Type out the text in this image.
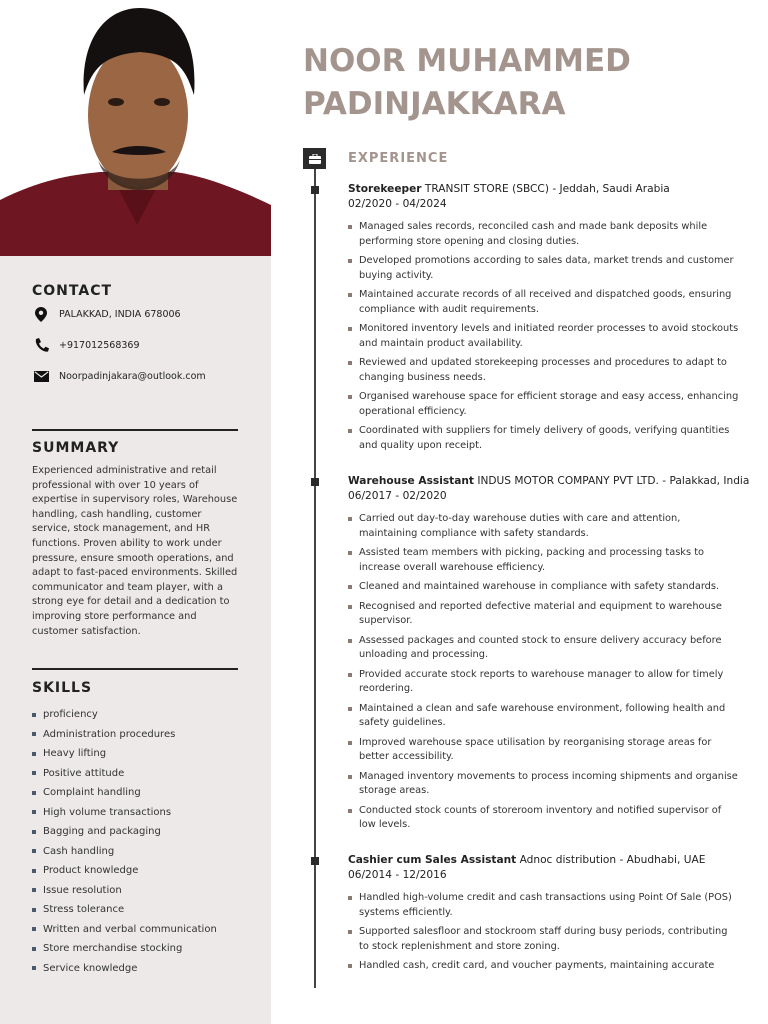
CONTACT
PALAKKAD, INDIA 678006
+917012568369
Noorpadinjakara@outlook.com
SUMMARY

Experienced administrative and retail professional with over 10 years of expertise in supervisory roles, Warehouse handling, cash handling, customer service, stock management, and HR functions. Proven ability to work under pressure, ensure smooth operations, and adapt to fast-paced environments. Skilled communicator and team player, with a strong eye for detail and a dedication to improving store performance and customer satisfaction.

SKILLS
proficiency
Administration procedures
Heavy lifting
Positive attitude
Complaint handling
High volume transactions
Bagging and packaging
Cash handling
Product knowledge
Issue resolution
Stress tolerance
Written and verbal communication
Store merchandise stocking
Service knowledge
NOOR MUHAMMED
PADINJAKKARA
EXPERIENCE
Storekeeper TRANSIT STORE (SBCC) - Jeddah, Saudi Arabia
02/2020 - 04/2024
Managed sales records, reconciled cash and made bank deposits while performing store opening and closing duties.
Developed promotions according to sales data, market trends and customer buying activity.
Maintained accurate records of all received and dispatched goods, ensuring compliance with audit requirements.
Monitored inventory levels and initiated reorder processes to avoid stockouts and maintain product availability.
Reviewed and updated storekeeping processes and procedures to adapt to changing business needs.
Organised warehouse space for efficient storage and easy access, enhancing operational efficiency.
Coordinated with suppliers for timely delivery of goods, verifying quantities and quality upon receipt.
Warehouse Assistant INDUS MOTOR COMPANY PVT LTD. - Palakkad, India
06/2017 - 02/2020
Carried out day-to-day warehouse duties with care and attention, maintaining compliance with safety standards.
Assisted team members with picking, packing and processing tasks to increase overall warehouse efficiency.
Cleaned and maintained warehouse in compliance with safety standards.
Recognised and reported defective material and equipment to warehouse supervisor.
Assessed packages and counted stock to ensure delivery accuracy before unloading and processing.
Provided accurate stock reports to warehouse manager to allow for timely reordering.
Maintained a clean and safe warehouse environment, following health and safety guidelines.
Improved warehouse space utilisation by reorganising storage areas for better accessibility.
Managed inventory movements to process incoming shipments and organise storage areas.
Conducted stock counts of storeroom inventory and notified supervisor of low levels.
Cashier cum Sales Assistant Adnoc distribution - Abudhabi, UAE
06/2014 - 12/2016
Handled high-volume credit and cash transactions using Point Of Sale (POS) systems efficiently.
Supported salesfloor and stockroom staff during busy periods, contributing to stock replenishment and store zoning.
Handled cash, credit card, and voucher payments, maintaining accurate
